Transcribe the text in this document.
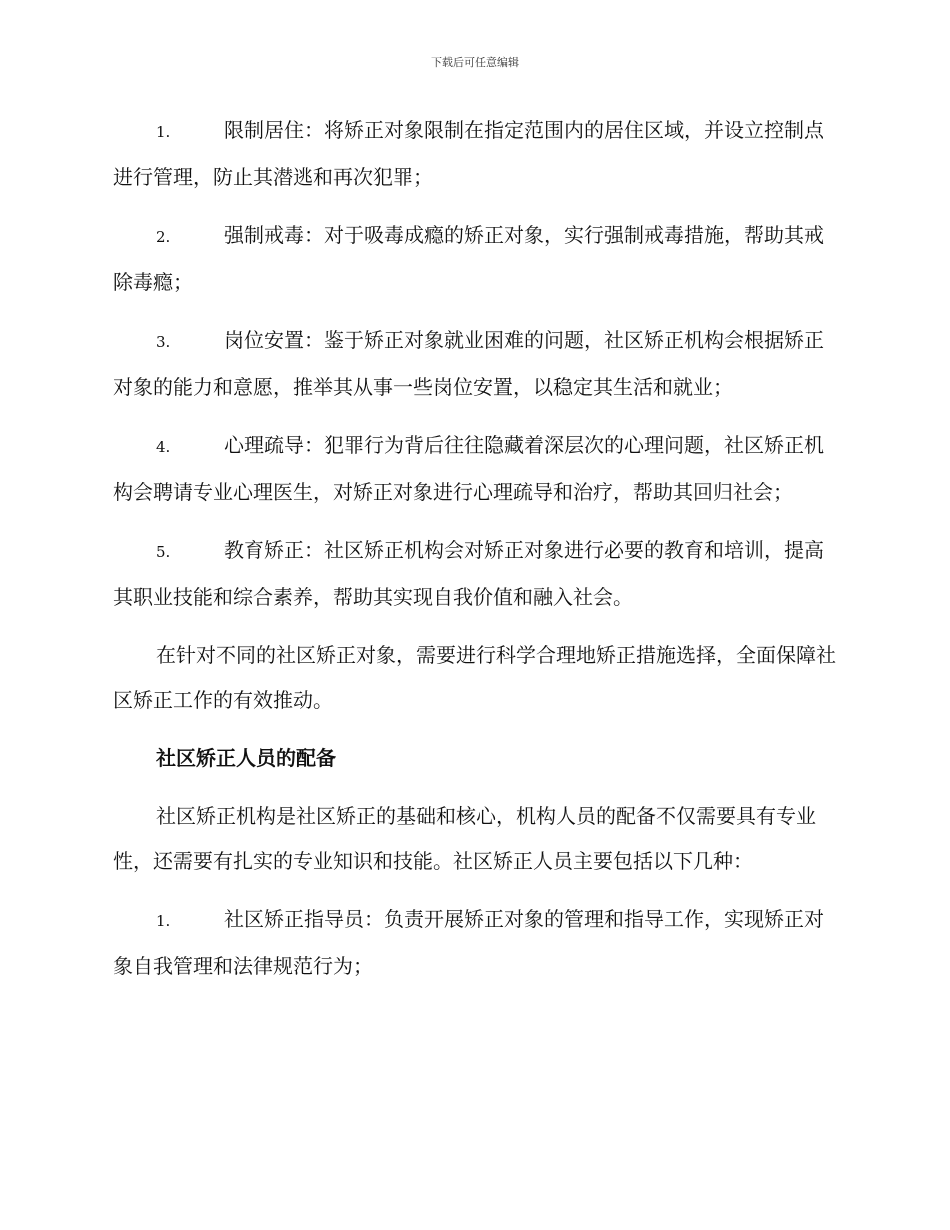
下载后可任意编辑

1.	限制居住：将矫正对象限制在指定范围内的居住区域，并设立控制点进行管理，防止其潜逃和再次犯罪；

2.	强制戒毒：对于吸毒成瘾的矫正对象，实行强制戒毒措施，帮助其戒除毒瘾；

3.	岗位安置：鉴于矫正对象就业困难的问题，社区矫正机构会根据矫正对象的能力和意愿，推举其从事一些岗位安置，以稳定其生活和就业；

4.	心理疏导：犯罪行为背后往往隐藏着深层次的心理问题，社区矫正机构会聘请专业心理医生，对矫正对象进行心理疏导和治疗，帮助其回归社会；

5.	教育矫正：社区矫正机构会对矫正对象进行必要的教育和培训，提高其职业技能和综合素养，帮助其实现自我价值和融入社会。

在针对不同的社区矫正对象，需要进行科学合理地矫正措施选择，全面保障社区矫正工作的有效推动。

社区矫正人员的配备

社区矫正机构是社区矫正的基础和核心，机构人员的配备不仅需要具有专业性，还需要有扎实的专业知识和技能。社区矫正人员主要包括以下几种：

1.	社区矫正指导员：负责开展矫正对象的管理和指导工作，实现矫正对象自我管理和法律规范行为；
